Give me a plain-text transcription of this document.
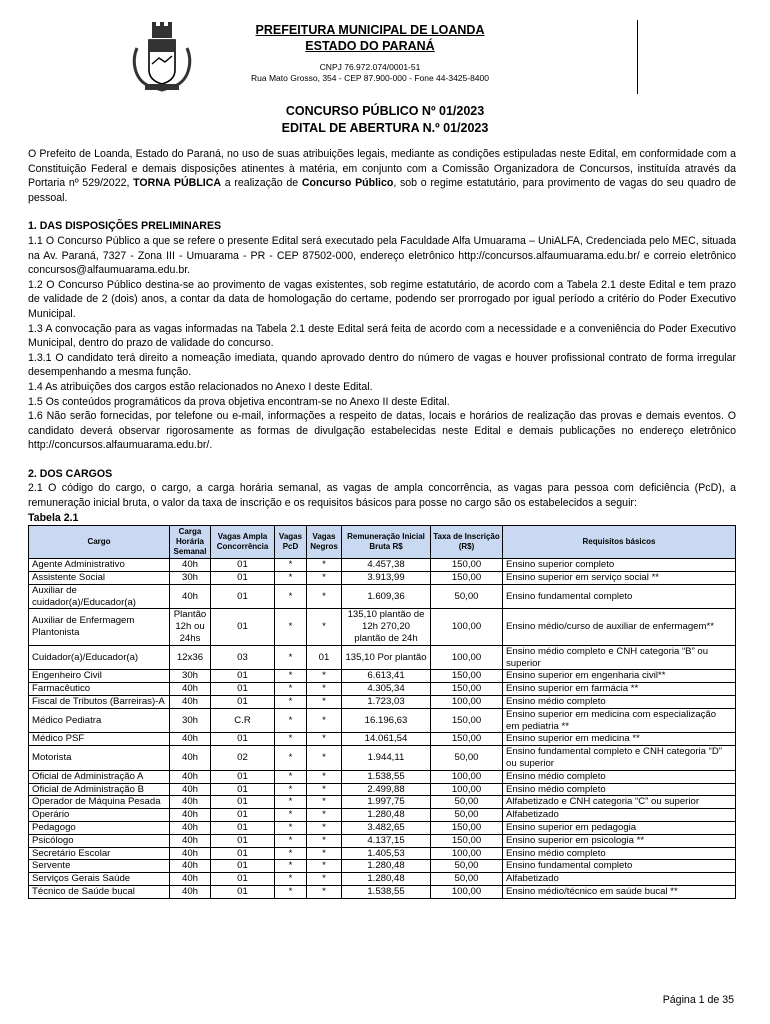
PREFEITURA MUNICIPAL DE LOANDA
ESTADO DO PARANÁ
CNPJ 76.972.074/0001-51
Rua Mato Grosso, 354 - CEP 87.900-000 - Fone 44-3425-8400
CONCURSO PÚBLICO Nº 01/2023
EDITAL DE ABERTURA N.º 01/2023

O Prefeito de Loanda, Estado do Paraná, no uso de suas atribuições legais, mediante as condições estipuladas neste Edital, em conformidade com a Constituição Federal e demais disposições atinentes à matéria, em conjunto com a Comissão Organizadora de Concursos, instituída através da Portaria nº 529/2022, TORNA PÚBLICA a realização de Concurso Público, sob o regime estatutário, para provimento de vagas do seu quadro de pessoal.

1. DAS DISPOSIÇÕES PRELIMINARES

1.1 O Concurso Público a que se refere o presente Edital será executado pela Faculdade Alfa Umuarama – UniALFA, Credenciada pelo MEC, situada na Av. Paraná, 7327 - Zona III - Umuarama - PR - CEP 87502-000, endereço eletrônico http://concursos.alfaumuarama.edu.br/ e correio eletrônico concursos@alfaumuarama.edu.br.

1.2 O Concurso Público destina-se ao provimento de vagas existentes, sob regime estatutário, de acordo com a Tabela 2.1 deste Edital e tem prazo de validade de 2 (dois) anos, a contar da data de homologação do certame, podendo ser prorrogado por igual período a critério do Poder Executivo Municipal.

1.3 A convocação para as vagas informadas na Tabela 2.1 deste Edital será feita de acordo com a necessidade e a conveniência do Poder Executivo Municipal, dentro do prazo de validade do concurso.

1.3.1 O candidato terá direito a nomeação imediata, quando aprovado dentro do número de vagas e houver profissional contrato de forma irregular desempenhando a mesma função.

1.4 As atribuições dos cargos estão relacionados no Anexo I deste Edital.

1.5 Os conteúdos programáticos da prova objetiva encontram-se no Anexo II deste Edital.

1.6 Não serão fornecidas, por telefone ou e-mail, informações a respeito de datas, locais e horários de realização das provas e demais eventos. O candidato deverá observar rigorosamente as formas de divulgação estabelecidas neste Edital e demais publicações no endereço eletrônico http://concursos.alfaumuarama.edu.br/.

2. DOS CARGOS

2.1 O código do cargo, o cargo, a carga horária semanal, as vagas de ampla concorrência, as vagas para pessoa com deficiência (PcD), a remuneração inicial bruta, o valor da taxa de inscrição e os requisitos básicos para posse no cargo são os estabelecidos a seguir:

Tabela 2.1

Cargo	Carga Horária Semanal	Vagas Ampla Concorrência	Vagas PcD	Vagas Negros	Remuneração Inicial Bruta R$	Taxa de Inscrição (R$)	Requisitos básicos
Agente Administrativo	40h	01	*	*	4.457,38	150,00	Ensino superior completo
Assistente Social	30h	01	*	*	3.913,99	150,00	Ensino superior em serviço social **
Auxiliar de cuidador(a)/Educador(a)	40h	01	*	*	1.609,36	50,00	Ensino fundamental completo
Auxiliar de Enfermagem Plantonista	Plantão 12h ou 24hs	01	*	*	135,10 plantão de 12h 270,20 plantão de 24h	100,00	Ensino médio/curso de auxiliar de enfermagem**
Cuidador(a)/Educador(a)	12x36	03	*	01	135,10 Por plantão	100,00	Ensino médio completo e CNH categoria “B” ou superior
Engenheiro Civil	30h	01	*	*	6.613,41	150,00	Ensino superior em engenharia civil**
Farmacêutico	40h	01	*	*	4.305,34	150,00	Ensino superior em farmácia **
Fiscal de Tributos (Barreiras)-A	40h	01	*	*	1.723,03	100,00	Ensino médio completo
Médico Pediatra	30h	C.R	*	*	16.196,63	150,00	Ensino superior em medicina com especialização em pediatria **
Médico PSF	40h	01	*	*	14.061,54	150,00	Ensino superior em medicina **
Motorista	40h	02	*	*	1.944,11	50,00	Ensino fundamental completo e CNH categoria “D” ou superior
Oficial de Administração A	40h	01	*	*	1.538,55	100,00	Ensino médio completo
Oficial de Administração B	40h	01	*	*	2.499,88	100,00	Ensino médio completo
Operador de Máquina Pesada	40h	01	*	*	1.997,75	50,00	Alfabetizado e CNH categoria “C” ou superior
Operário	40h	01	*	*	1.280,48	50,00	Alfabetizado
Pedagogo	40h	01	*	*	3.482,65	150,00	Ensino superior em pedagogia
Psicólogo	40h	01	*	*	4.137,15	150,00	Ensino superior em psicologia **
Secretário Escolar	40h	01	*	*	1.405,53	100,00	Ensino médio completo
Servente	40h	01	*	*	1.280,48	50,00	Ensino fundamental completo
Serviços Gerais Saúde	40h	01	*	*	1.280,48	50,00	Alfabetizado
Técnico de Saúde bucal	40h	01	*	*	1.538,55	100,00	Ensino médio/técnico em saúde bucal **
Página 1 de 35
